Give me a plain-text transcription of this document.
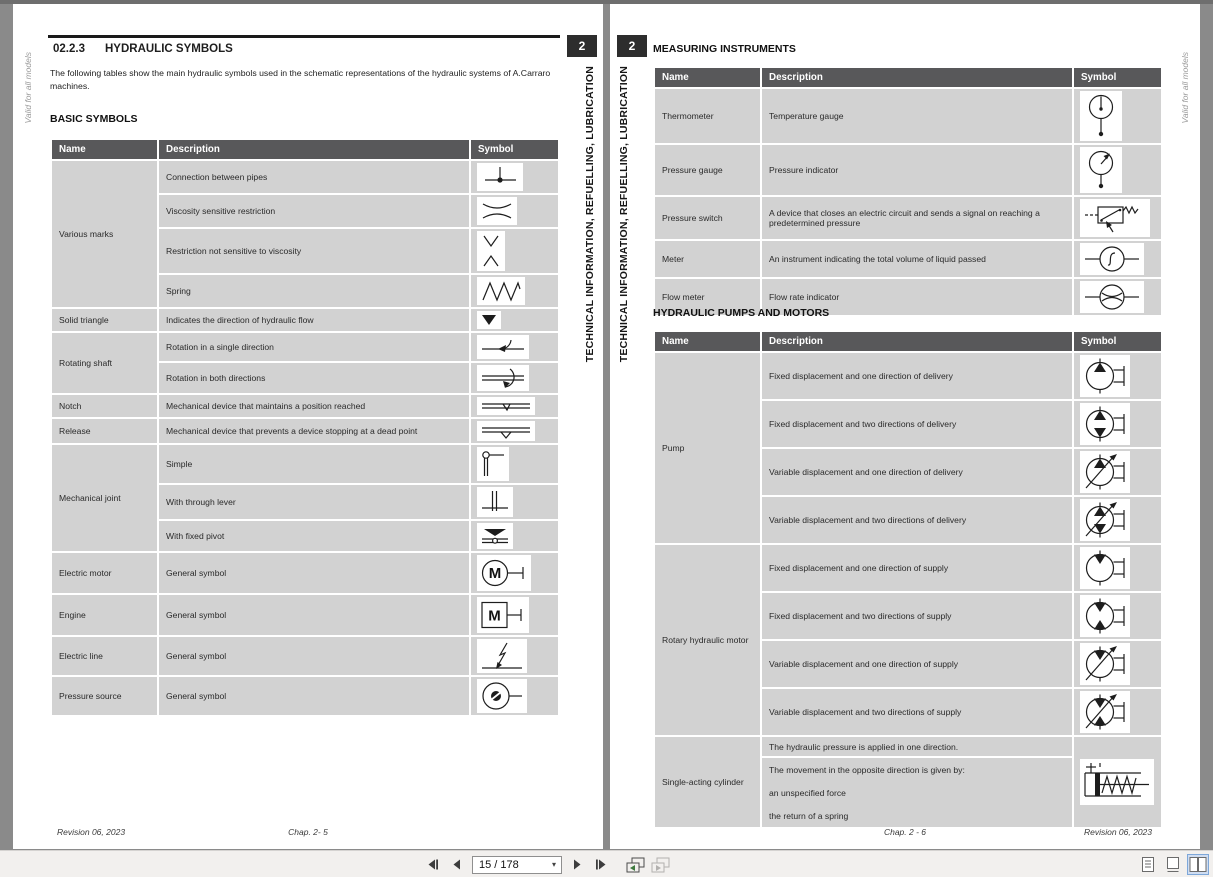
Valid for all models
2
TECHNICAL INFORMATION, REFUELLING, LUBRICATION
02.2.3 HYDRAULIC SYMBOLS
The following tables show the main hydraulic symbols used in the schematic representations of the hydraulic systems of A.Carraro machines.
BASIC SYMBOLS
Name	Description	Symbol
Various marks	Connection between pipes	
	Viscosity sensitive restriction	
	Restriction not sensitive to viscosity	
	Spring	
Solid triangle	Indicates the direction of hydraulic flow	
Rotating shaft	Rotation in a single direction	
	Rotation in both directions	
Notch	Mechanical device that maintains a position reached	
Release	Mechanical device that prevents a device stopping at a dead point	
Mechanical joint	Simple	
	With through lever	
	With fixed pivot	
Electric motor	General symbol	M

Engine	General symbol	M

Electric line	General symbol	
Pressure source	General symbol	
Revision 06, 2023	Chap. 2- 5
Valid for all models
2
TECHNICAL INFORMATION, REFUELLING, LUBRICATION
MEASURING INSTRUMENTS
Name	Description	Symbol
Thermometer	Temperature gauge	
Pressure gauge	Pressure indicator	
Pressure switch	A device that closes an electric circuit and sends a signal on reaching a predetermined pressure	
Meter	An instrument indicating the total volume of liquid passed	
Flow meter	Flow rate indicator	
HYDRAULIC PUMPS AND MOTORS
Name	Description	Symbol
Pump	Fixed displacement and one direction of delivery	
	Fixed displacement and two directions of delivery	
	Variable displacement and one direction of delivery	
	Variable displacement and two directions of delivery	
Rotary hydraulic motor	Fixed displacement and one direction of supply	
	Fixed displacement and two directions of supply	
	Variable displacement and one direction of supply	
	Variable displacement and two directions of supply	
Single-acting cylinder	The hydraulic pressure is applied in one direction.
The movement in the opposite direction is given by:
an unspecified force
the return of a spring

Chap. 2 - 6	Revision 06, 2023
15 / 178
▾
